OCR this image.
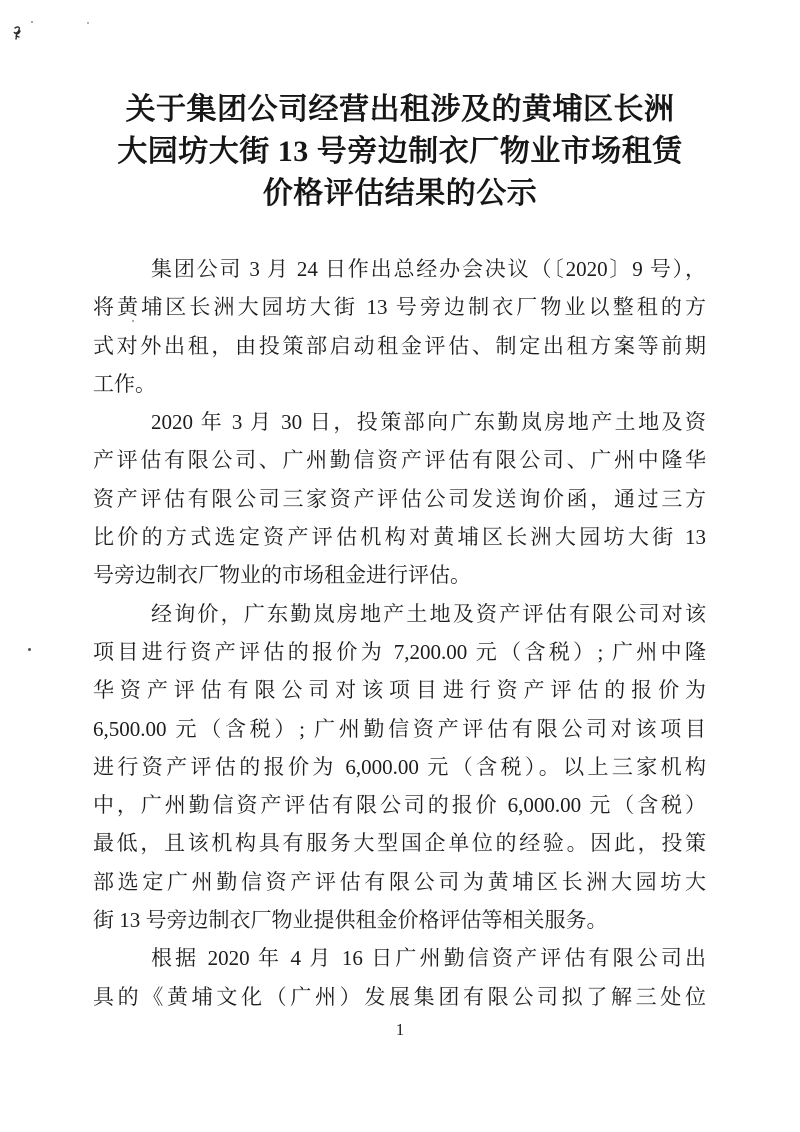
关于集团公司经营出租涉及的黄埔区长洲
大园坊大街 13 号旁边制衣厂物业市场租赁
价格评估结果的公示
集团公司 3 月 24 日作出总经办会决议（〔2020〕9 号），
将黄埔区长洲大园坊大街 13 号旁边制衣厂物业以整租的方
式对外出租，由投策部启动租金评估、制定出租方案等前期
工作。
2020 年 3 月 30 日，投策部向广东勤岚房地产土地及资
产评估有限公司、广州勤信资产评估有限公司、广州中隆华
资产评估有限公司三家资产评估公司发送询价函，通过三方
比价的方式选定资产评估机构对黄埔区长洲大园坊大街 13
号旁边制衣厂物业的市场租金进行评估。
经询价，广东勤岚房地产土地及资产评估有限公司对该
项目进行资产评估的报价为 7,200.00 元（含税）; 广州中隆
华资产评估有限公司对该项目进行资产评估的报价为
6,500.00 元（含税）; 广州勤信资产评估有限公司对该项目
进行资产评估的报价为 6,000.00 元（含税）。以上三家机构
中，广州勤信资产评估有限公司的报价 6,000.00 元（含税）
最低，且该机构具有服务大型国企单位的经验。因此，投策
部选定广州勤信资产评估有限公司为黄埔区长洲大园坊大
街 13 号旁边制衣厂物业提供租金价格评估等相关服务。
根据 2020 年 4 月 16 日广州勤信资产评估有限公司出
具的《黄埔文化（广州）发展集团有限公司拟了解三处位
1
